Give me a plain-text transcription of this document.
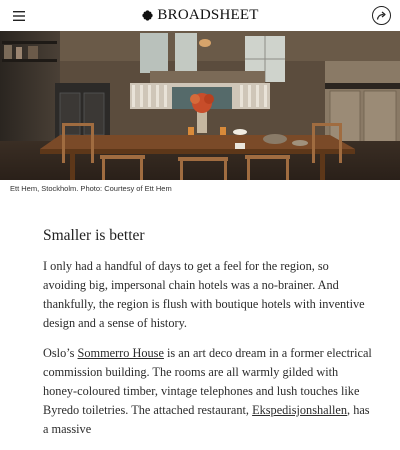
BROADSHEET
Ett Hem, Stockholm. Photo: Courtesy of Ett Hem
Smaller is better

I only had a handful of days to get a feel for the region, so avoiding big, impersonal chain hotels was a no-brainer. And thankfully, the region is flush with boutique hotels with inventive design and a sense of history.

Oslo’s Sommerro House is an art deco dream in a former electrical commission building. The rooms are all warmly gilded with honey-coloured timber, vintage telephones and lush touches like Byredo toiletries. The attached restaurant, Ekspedisjonshallen, has a massive
